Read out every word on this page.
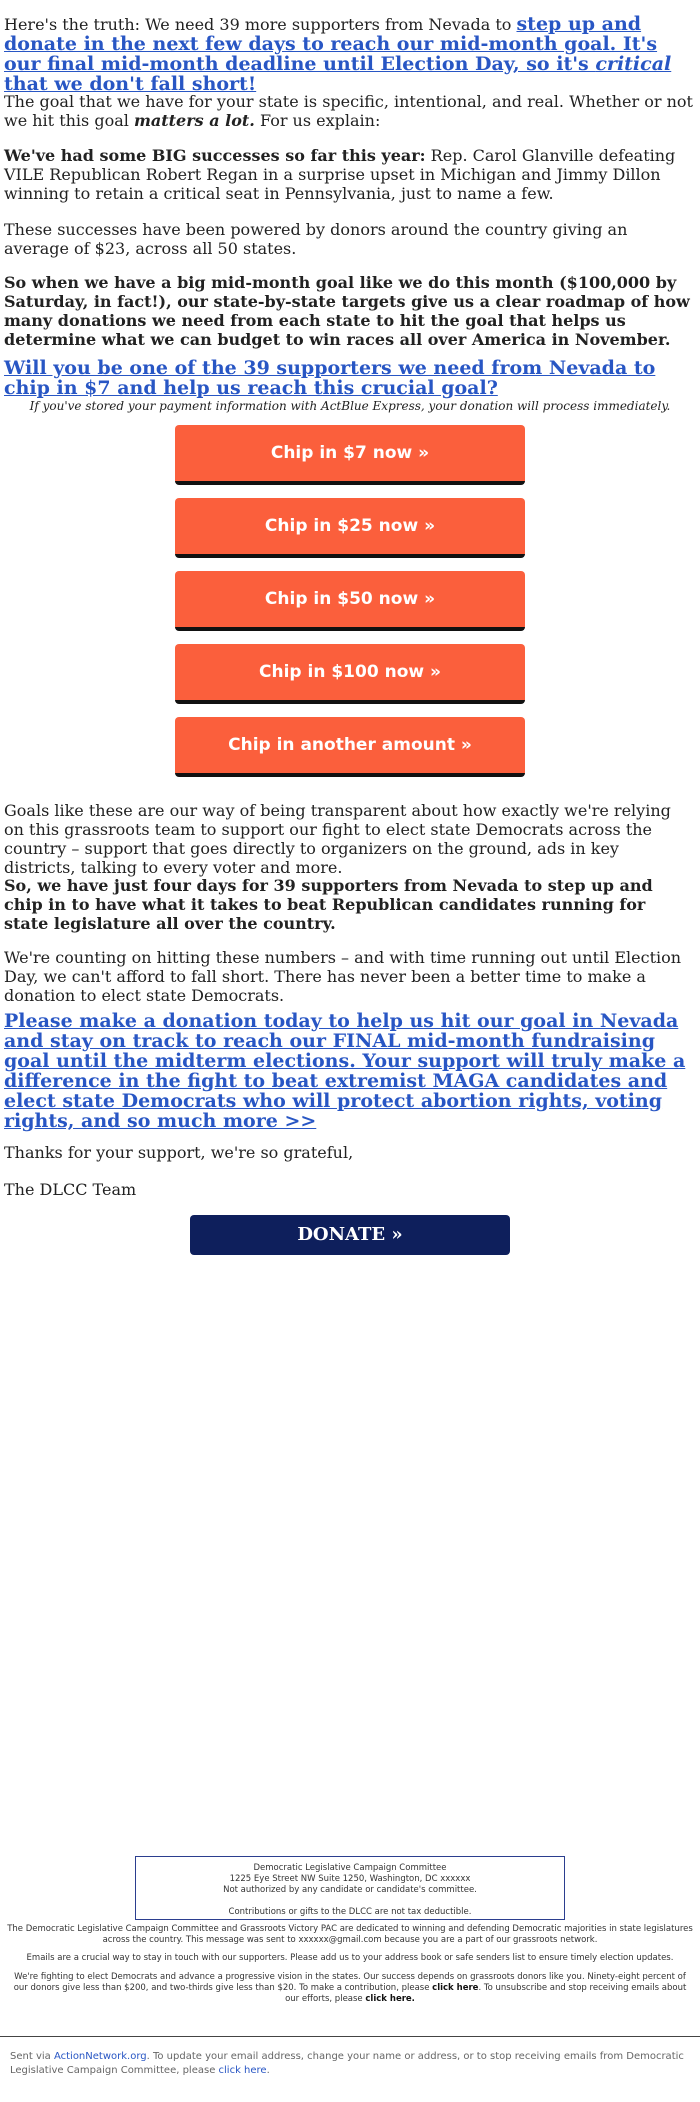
Here's the truth: We need 39 more supporters from Nevada to step up and donate in the next few days to reach our mid-month goal. It's our final mid-month deadline until Election Day, so it's critical that we don't fall short!

The goal that we have for your state is specific, intentional, and real. Whether or not we hit this goal matters a lot. For us explain:

We've had some BIG successes so far this year: Rep. Carol Glanville defeating VILE Republican Robert Regan in a surprise upset in Michigan and Jimmy Dillon winning to retain a critical seat in Pennsylvania, just to name a few.

These successes have been powered by donors around the country giving an average of $23, across all 50 states.

So when we have a big mid-month goal like we do this month ($100,000 by Saturday, in fact!), our state-by-state targets give us a clear roadmap of how many donations we need from each state to hit the goal that helps us determine what we can budget to win races all over America in November.

Will you be one of the 39 supporters we need from Nevada to chip in $7 and help us reach this crucial goal?

If you've stored your payment information with ActBlue Express, your donation will process immediately.

Chip in $7 now »
Chip in $25 now »
Chip in $50 now »
Chip in $100 now »
Chip in another amount »

Goals like these are our way of being transparent about how exactly we're relying on this grassroots team to support our fight to elect state Democrats across the country – support that goes directly to organizers on the ground, ads in key districts, talking to every voter and more.

So, we have just four days for 39 supporters from Nevada to step up and chip in to have what it takes to beat Republican candidates running for state legislature all over the country.

We're counting on hitting these numbers – and with time running out until Election Day, we can't afford to fall short. There has never been a better time to make a donation to elect state Democrats.

Please make a donation today to help us hit our goal in Nevada and stay on track to reach our FINAL mid-month fundraising goal until the midterm elections. Your support will truly make a difference in the fight to beat extremist MAGA candidates and elect state Democrats who will protect abortion rights, voting rights, and so much more >>

Thanks for your support, we're so grateful,

The DLCC Team

DONATE »
Democratic Legislative Campaign Committee
1225 Eye Street NW Suite 1250, Washington, DC xxxxxx
Not authorized by any candidate or candidate's committee.
Contributions or gifts to the DLCC are not tax deductible.

The Democratic Legislative Campaign Committee and Grassroots Victory PAC are dedicated to winning and defending Democratic majorities in state legislatures across the country. This message was sent to xxxxxx@gmail.com because you are a part of our grassroots network.

Emails are a crucial way to stay in touch with our supporters. Please add us to your address book or safe senders list to ensure timely election updates.

We're fighting to elect Democrats and advance a progressive vision in the states. Our success depends on grassroots donors like you. Ninety-eight percent of our donors give less than $200, and two-thirds give less than $20. To make a contribution, please click here. To unsubscribe and stop receiving emails about our efforts, please click here.

Sent via ActionNetwork.org. To update your email address, change your name or address, or to stop receiving emails from Democratic Legislative Campaign Committee, please click here.
